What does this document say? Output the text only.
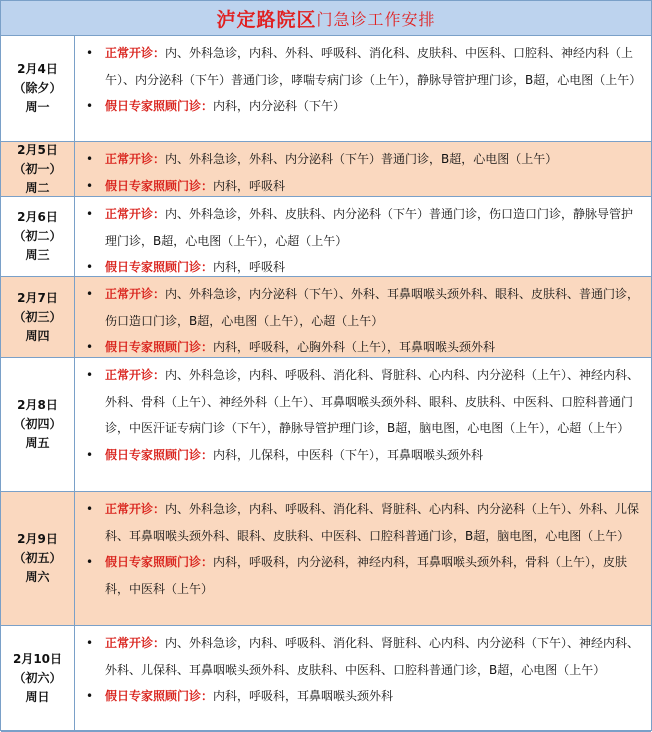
泸定路院区 门急诊工作安排
2月4日
（除夕）
周一
• 正常开诊：内、外科急诊，内科、外科、呼吸科、消化科、皮肤科、中医科、口腔科、神经内科（上午）、内分泌科（下午）普通门诊，哮喘专病门诊（上午），静脉导管护理门诊，B超，心电图（上午）
• 假日专家照顾门诊：内科，内分泌科（下午）
2月5日
（初一）
周二
• 正常开诊：内、外科急诊，外科、内分泌科（下午）普通门诊，B超，心电图（上午）
• 假日专家照顾门诊：内科，呼吸科
2月6日
（初二）
周三
• 正常开诊：内、外科急诊，外科、皮肤科、内分泌科（下午）普通门诊，伤口造口门诊，静脉导管护理门诊，B超，心电图（上午），心超（上午）
• 假日专家照顾门诊：内科，呼吸科
2月7日
（初三）
周四
• 正常开诊：内、外科急诊，内分泌科（下午）、外科、耳鼻咽喉头颈外科、眼科、皮肤科、普通门诊，伤口造口门诊，B超，心电图（上午），心超（上午）
• 假日专家照顾门诊：内科，呼吸科，心胸外科（上午），耳鼻咽喉头颈外科
2月8日
（初四）
周五
• 正常开诊：内、外科急诊，内科、呼吸科、消化科、肾脏科、心内科、内分泌科（上午）、神经内科、外科、骨科（上午）、神经外科（上午）、耳鼻咽喉头颈外科、眼科、皮肤科、中医科、口腔科普通门诊，中医汗证专病门诊（下午），静脉导管护理门诊，B超，脑电图，心电图（上午），心超（上午）
• 假日专家照顾门诊：内科，儿保科，中医科（下午），耳鼻咽喉头颈外科
2月9日
（初五）
周六
• 正常开诊：内、外科急诊，内科、呼吸科、消化科、肾脏科、心内科、内分泌科（上午）、外科、儿保科、耳鼻咽喉头颈外科、眼科、皮肤科、中医科、口腔科普通门诊，B超，脑电图，心电图（上午）
• 假日专家照顾门诊：内科，呼吸科，内分泌科，神经内科，耳鼻咽喉头颈外科，骨科（上午），皮肤科，中医科（上午）
2月10日
（初六）
周日
• 正常开诊：内、外科急诊，内科、呼吸科、消化科、肾脏科、心内科、内分泌科（下午）、神经内科、外科、儿保科、耳鼻咽喉头颈外科、皮肤科、中医科、口腔科普通门诊，B超，心电图（上午）
• 假日专家照顾门诊：内科，呼吸科，耳鼻咽喉头颈外科
